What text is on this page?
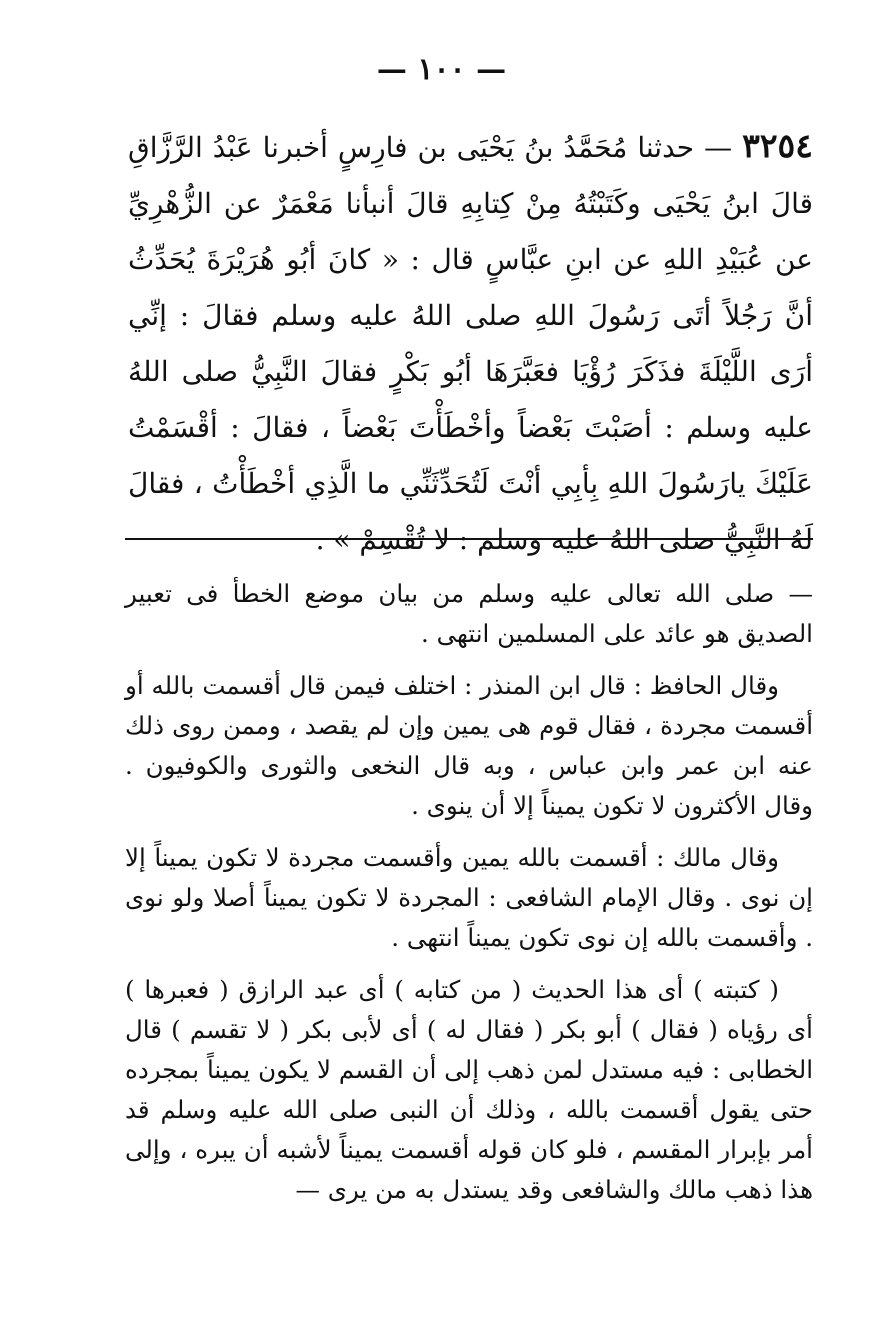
— ١٠٠ —
٣٢٥٤ — حدثنا مُحَمَّدُ بنُ يَحْيَى بن فارِسٍ أخبرنا عَبْدُ الرَّزَّاقِ قالَ ابنُ يَحْيَى وكَتَبْتُهُ مِنْ كِتابِهِ قالَ أنبأنا مَعْمَرٌ عن الزُّهْرِيِّ عن عُبَيْدِ اللهِ عن ابنِ عبَّاسٍ قال : « كانَ أبُو هُرَيْرَةَ يُحَدِّثُ أنَّ رَجُلاً أتَى رَسُولَ اللهِ صلى اللهُ عليه وسلم فقالَ : إنِّي أرَى اللَّيْلَةَ فذَكَرَ رُؤْيَا فعَبَّرَهَا أبُو بَكْرٍ فقالَ النَّبِيُّ صلى اللهُ عليه وسلم : أصَبْتَ بَعْضاً وأخْطَأْتَ بَعْضاً ، فقالَ : أقْسَمْتُ عَلَيْكَ يارَسُولَ اللهِ بِأبِي أنْتَ لَتُحَدِّثَنِّي ما الَّذِي أخْطَأْتُ ، فقالَ لَهُ النَّبِيُّ صلى اللهُ عليه وسلم : لا تُقْسِمْ » .

— صلى الله تعالى عليه وسلم من بيان موضع الخطأ فى تعبير الصديق هو عائد على المسلمين انتهى .

وقال الحافظ : قال ابن المنذر : اختلف فيمن قال أقسمت بالله أو أقسمت مجردة ، فقال قوم هى يمين وإن لم يقصد ، وممن روى ذلك عنه ابن عمر وابن عباس ، وبه قال النخعى والثورى والكوفيون . وقال الأكثرون لا تكون يميناً إلا أن ينوى .

وقال مالك : أقسمت بالله يمين وأقسمت مجردة لا تكون يميناً إلا إن نوى . وقال الإمام الشافعى : المجردة لا تكون يميناً أصلا ولو نوى . وأقسمت بالله إن نوى تكون يميناً انتهى .

( كتبته ) أى هذا الحديث ( من كتابه ) أى عبد الرازق ( فعبرها ) أى رؤياه ( فقال ) أبو بكر ( فقال له ) أى لأبى بكر ( لا تقسم ) قال الخطابى : فيه مستدل لمن ذهب إلى أن القسم لا يكون يميناً بمجرده حتى يقول أقسمت بالله ، وذلك أن النبى صلى الله عليه وسلم قد أمر بإبرار المقسم ، فلو كان قوله أقسمت يميناً لأشبه أن يبره ، وإلى هذا ذهب مالك والشافعى وقد يستدل به من يرى —
